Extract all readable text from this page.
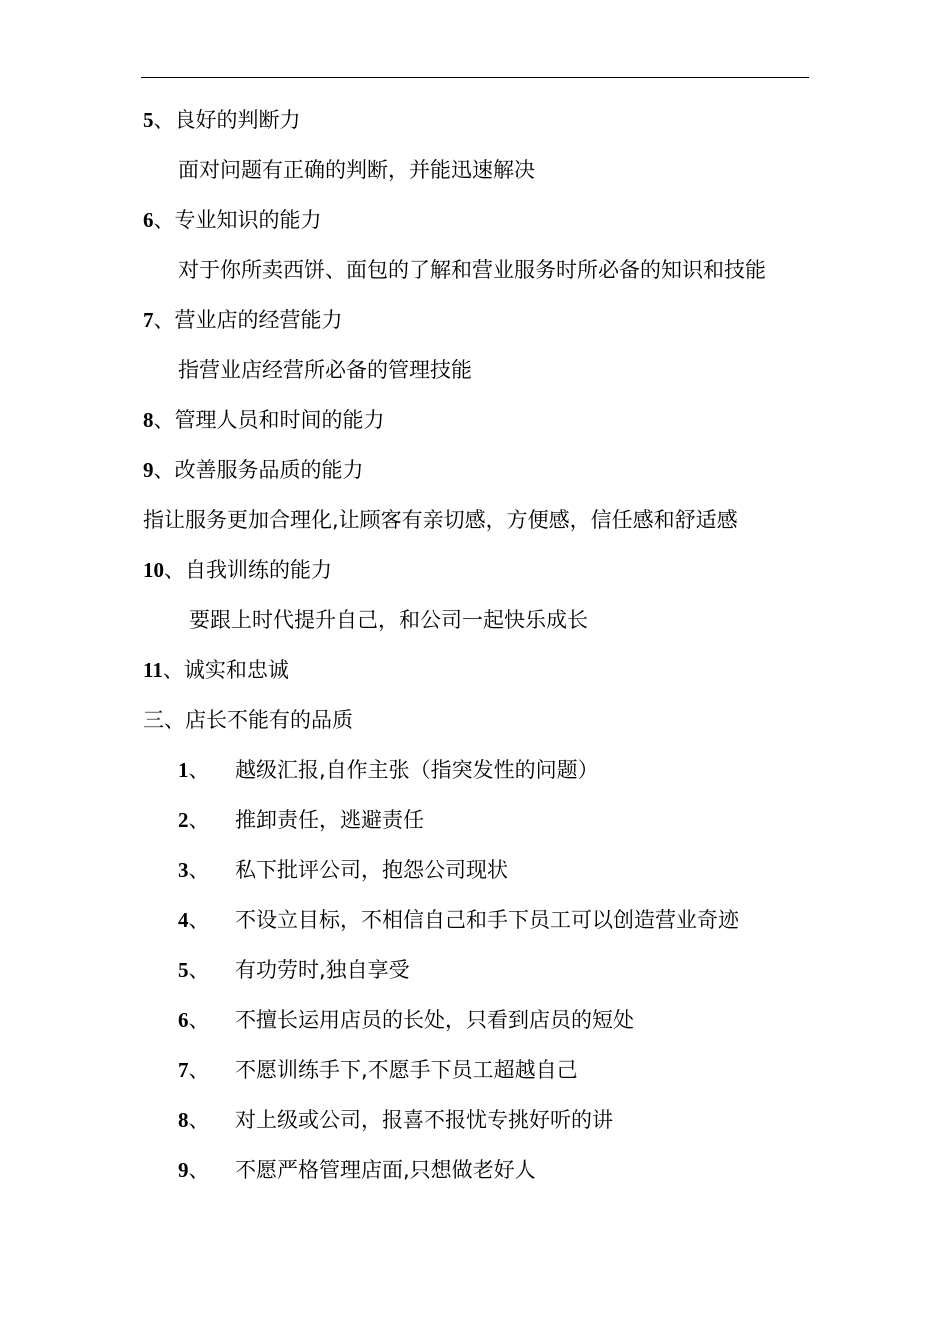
5、良好的判断力
面对问题有正确的判断，并能迅速解决
6、专业知识的能力
对于你所卖西饼、面包的了解和营业服务时所必备的知识和技能
7、营业店的经营能力
指营业店经营所必备的管理技能
8、管理人员和时间的能力
9、改善服务品质的能力
指让服务更加合理化,让顾客有亲切感，方便感，信任感和舒适感
10、自我训练的能力
要跟上时代提升自己，和公司一起快乐成长
11、诚实和忠诚
三、店长不能有的品质
1、 越级汇报,自作主张（指突发性的问题）
2、 推卸责任，逃避责任
3、 私下批评公司，抱怨公司现状
4、 不设立目标，不相信自己和手下员工可以创造营业奇迹
5、 有功劳时,独自享受
6、 不擅长运用店员的长处，只看到店员的短处
7、 不愿训练手下,不愿手下员工超越自己
8、 对上级或公司，报喜不报忧专挑好听的讲
9、 不愿严格管理店面,只想做老好人
